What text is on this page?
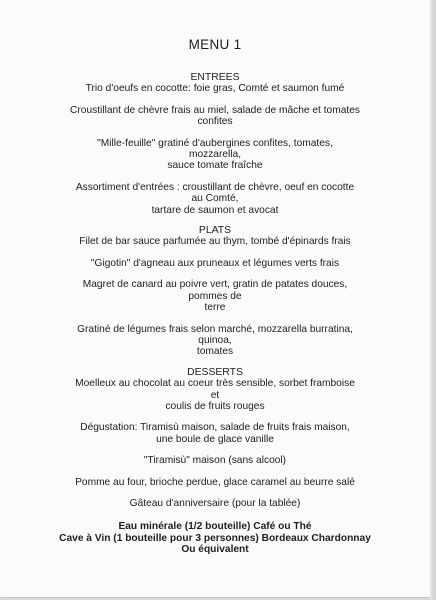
MENU 1
ENTREES
Trio d'oeufs en cocotte: foie gras, Comté et saumon fumé
Croustillant de chèvre frais au miel, salade de mâche et tomates
confites
"Mille-feuille" gratiné d'aubergines confites, tomates,
mozzarella,
sauce tomate fraîche
Assortiment d'entrées : croustillant de chèvre, oeuf en cocotte
au Comté,
tartare de saumon et avocat
PLATS
Filet de bar sauce parfumée au thym, tombé d'épinards frais
"Gigotin" d'agneau aux pruneaux et légumes verts frais
Magret de canard au poivre vert, gratin de patates douces,
pommes de
terre
Gratiné de légumes frais selon marché, mozzarella burratina,
quinoa,
tomates
DESSERTS
Moelleux au chocolat au coeur très sensible, sorbet framboise
et
coulis de fruits rouges
Dégustation: Tiramisù maison, salade de fruits frais maison,
une boule de glace vanille
"Tiramisù" maison (sans alcool)
Pomme au four, brioche perdue, glace caramel au beurre salé
Gâteau d'anniversaire (pour la tablée)
Eau minérale (1/2 bouteille) Café ou Thé
Cave à Vin (1 bouteille pour 3 personnes) Bordeaux Chardonnay
Ou équivalent
